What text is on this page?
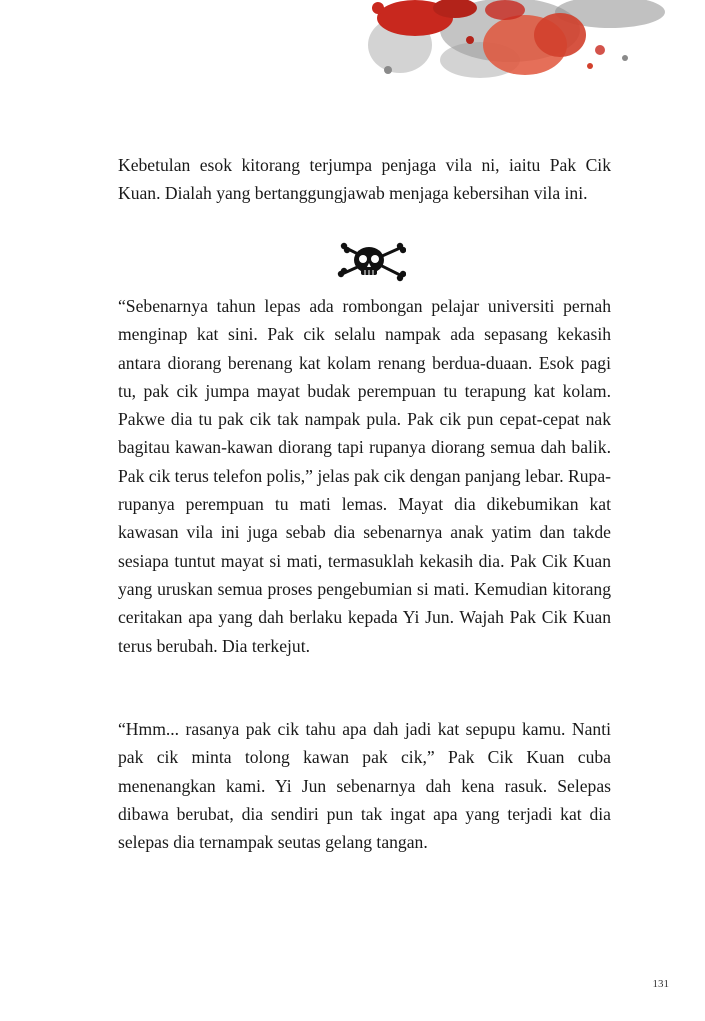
Kebetulan esok kitorang terjumpa penjaga vila ni, iaitu Pak Cik Kuan. Dialah yang bertanggungjawab menjaga kebersihan vila ini.

“Sebenarnya tahun lepas ada rombongan pelajar universiti pernah menginap kat sini. Pak cik selalu nampak ada sepasang kekasih antara diorang berenang kat kolam renang berdua-duaan. Esok pagi tu, pak cik jumpa mayat budak perempuan tu terapung kat kolam. Pakwe dia tu pak cik tak nampak pula. Pak cik pun cepat-cepat nak bagitau kawan-kawan diorang tapi rupanya diorang semua dah balik. Pak cik terus telefon polis,” jelas pak cik dengan panjang lebar. Rupa-rupanya perempuan tu mati lemas. Mayat dia dikebumikan kat kawasan vila ini juga sebab dia sebenarnya anak yatim dan takde sesiapa tuntut mayat si mati, termasuklah kekasih dia. Pak Cik Kuan yang uruskan semua proses pengebumian si mati. Kemudian kitorang ceritakan apa yang dah berlaku kepada Yi Jun. Wajah Pak Cik Kuan terus berubah. Dia terkejut.

“Hmm... rasanya pak cik tahu apa dah jadi kat sepupu kamu. Nanti pak cik minta tolong kawan pak cik,” Pak Cik Kuan cuba menenangkan kami. Yi Jun sebenarnya dah kena rasuk. Selepas dibawa berubat, dia sendiri pun tak ingat apa yang terjadi kat dia selepas dia ternampak seutas gelang tangan.

131
